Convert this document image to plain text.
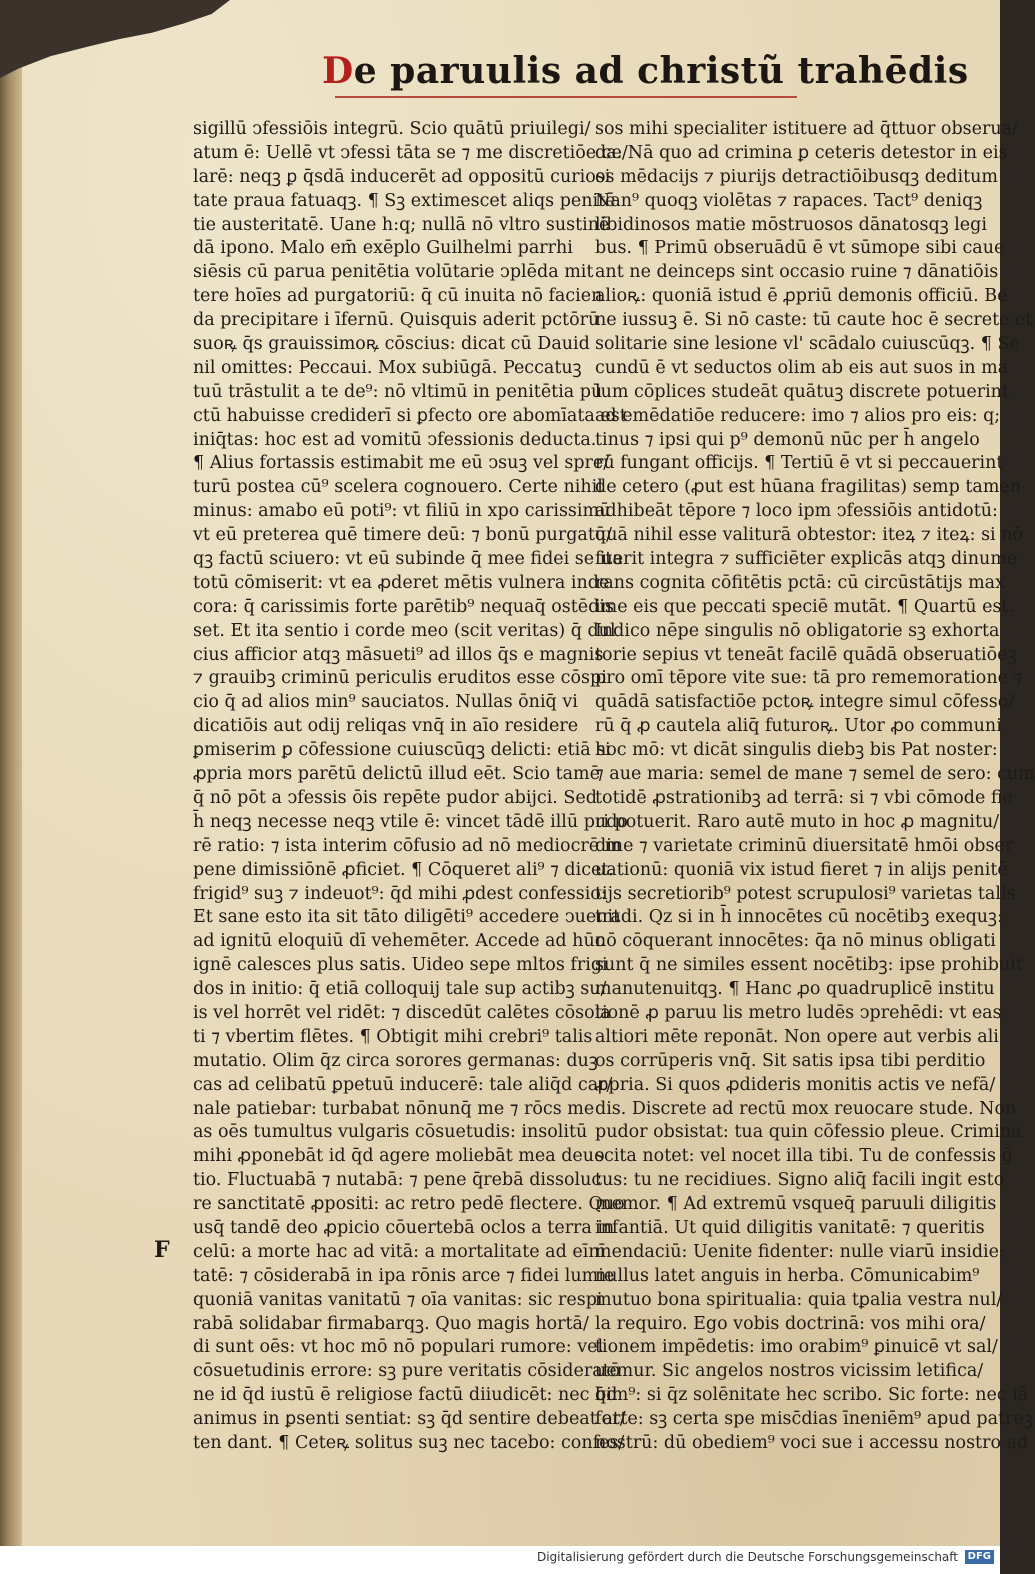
De paruulis ad christũ trahēdis
sigillū ↄfessiōis integrū. Scio quātū priuilegi/
atum ē: Uellē vt ↄfessi tāta se ⁊ me discretiōe ce/
larē: neqꝫ ꝑ q̄sdā inducerēt ad oppositū curiosi
tate praua fatuaqꝫ. ¶ Sꝫ extimescet aliqs penitē
tie austeritatē. Uane h:q; nullā nō vltro sustinē
dā ipono. Malo em̄ exēplo Guilhelmi parrhi
siēsis cū parua penitētia volūtarie ↄplēda mit
tere hoīes ad purgatoriū: q̄ cū inuita nō facien
da precipitare i īfernū. Quisquis aderit pctōrū
suoꝶ q̄s grauissimoꝶ cōscius: dicat cū Dauid
nil omittes: Peccaui. Mox subiūgā. Peccatuꝫ
tuū trāstulit a te de⁹: nō vltimū in penitētia pū
ctū habuisse crediderī si ꝑfecto ore abomīata est
iniq̄tas: hoc est ad vomitū ↄfessionis deducta.
¶ Alius fortassis estimabit me eū ↄsuꝫ vel spre/
turū postea cū⁹ scelera cognouero. Certe nihil
minus: amabo eū poti⁹: vt filiū in xpo carissimū
vt eū preterea quē timere deū: ⁊ bonū purgatū/
qꝫ factū sciuero: vt eū subinde q̄ mee fidei se ita
totū cōmiserit: vt ea ꝓderet mētis vulnera inde
cora: q̄ carissimis forte parētib⁹ nequaq̄ ostēdis
set. Et ita sentio i corde meo (scit veritas) q̄ dul
cius afficior atqꝫ māsueti⁹ ad illos q̄s e magnis
⁊ grauibꝫ criminū periculis eruditos esse cōspi
cio q̄ ad alios min⁹ sauciatos. Nullas ōniq̄ vi
dicatiōis aut odij reliqas vnq̄ in aīo residere
ꝑmiserim ꝑ cōfessione cuiuscūqꝫ delicti: etiā si
ꝓpria mors parētū delictū illud eēt. Scio tamē
q̄ nō pōt a ↄfessis ōis repēte pudor abijci. Sed
h̄ neqꝫ necesse neqꝫ vtile ē: vincet tādē illū pudo
rē ratio: ⁊ ista interim cōfusio ad nō mediocrē m
pene dimissiōnē ꝓficiet. ¶ Cōqueret ali⁹ ⁊ dicet.
frigid⁹ suꝫ ⁊ indeuot⁹: q̄d mihi ꝓdest confessio:
Et sane esto ita sit tāto diligēti⁹ accedere ↄuenit
ad ignitū eloquiū dī vehemēter. Accede ad hūc
ignē calesces plus satis. Uideo sepe mltos frigi
dos in initio: q̄ etiā colloquij tale sup actibꝫ su/
is vel horrēt vel ridēt: ⁊ discedūt calētes cōsola
ti ⁊ vbertim flētes. ¶ Obtigit mihi crebri⁹ talis
mutatio. Olim q̄z circa sorores germanas: duꝫ
cas ad celibatū ꝑpetuū inducerē: tale aliq̄d car/
nale patiebar: turbabat nōnunq̄ me ⁊ rōcs me
as oēs tumultus vulgaris cōsuetudis: insolitū
mihi ꝓponebāt id q̄d agere moliebāt mea deuo
tio. Fluctuabā ⁊ nutabā: ⁊ pene q̄rebā dissoluc
re sanctitatē ꝓpositi: ac retro pedē flectere. Quo
usq̄ tandē deo ꝓpicio cōuertebā oclos a terra in
celū: a morte hac ad vitā: a mortalitate ad eīnī
tatē: ⁊ cōsiderabā in ipa rōnis arce ⁊ fidei lumie
quoniā vanitas vanitatū ⁊ oīa vanitas: sic respi
rabā solidabar firmabarqꝫ. Quo magis hortā/
di sunt oēs: vt hoc mō nō populari rumore: vel
cōsuetudinis errore: sꝫ pure veritatis cōsideratō
ne id q̄d iustū ē religiose factū diiudicēt: nec q̄d
animus in ꝑsenti sentiat: sꝫ q̄d sentire debeat at/
ten dant. ¶ Ceteꝶ solitus suꝫ nec tacebo: confes/
sos mihi specialiter istituere ad q̄ttuor obserua/
da. Nā quo ad crimina ꝑ ceteris detestor in eis
os mēdacijs ⁊ piurijs detractiōibusqꝫ deditum
Nan⁹ quoqꝫ violētas ⁊ rapaces. Tact⁹ deniqꝫ
libidinosos matie mōstruosos dānatosqꝫ legi
bus. ¶ Primū obseruādū ē vt sūmope sibi caue
ant ne deinceps sint occasio ruine ⁊ dānatiōis
alioꝶ: quoniā istud ē ꝓpriū demonis officiū. Be
ne iussuꝫ ē. Si nō caste: tū caute hoc ē secrete et
solitarie sine lesione vl' scādalo cuiuscūqꝫ. ¶ Se
cundū ē vt seductos olim ab eis aut suos in ma
lum cōplices studeāt quātuꝫ discrete potuerint
ad emēdatiōe reducere: imo ⁊ alios pro eis: q;
tinus ⁊ ipsi qui p⁹ demonū nūc per h̄ angelo
rū fungant officijs. ¶ Tertiū ē vt si peccauerint
de cetero (ꝓut est hūana fragilitas) semp tamen
adhibeāt tēpore ⁊ loco ipm ↄfessiōis antidotū:
quā nihil esse valiturā obtestor: iteꝝ ⁊ iteꝝ: si nō
fuerit integra ⁊ sufficiēter explicās atqꝫ dinume
rans cognita cōfitētis pctā: cū circūstātijs max
ime eis que peccati speciē mutāt. ¶ Quartū est.
Indico nēpe singulis nō obligatorie sꝫ exhorta
torie sepius vt teneāt facilē quādā obseruatiōeꝫ
pro omī tēpore vite sue: tā pro rememoratione ⁊
quādā satisfactiōe pctoꝶ integre simul cōfesso/
rū q̄ ꝓ cautela aliq̄ futuroꝶ. Utor ꝓo communi
hoc mō: vt dicāt singulis diebꝫ bis Pat noster:
⁊ aue maria: semel de mane ⁊ semel de sero: cum
totidē ꝓstrationibꝫ ad terrā: si ⁊ vbi cōmode fie
ri potuerit. Raro autē muto in hoc ꝓ magnitu/
dine ⁊ varietate criminū diuersitatē hmōi obser
uationū: quoniā vix istud fieret ⁊ in alijs penitē
tijs secretiorib⁹ potest scrupulosi⁹ varietas talis
tradi. Qz si in h̄ innocētes cū nocētibꝫ exequꝫ:
nō cōquerant innocētes: q̄a nō minus obligati
sunt q̄ ne similes essent nocētibꝫ: ipse prohibuit
manutenuitqꝫ. ¶ Hanc ꝓo quadruplicē institu
tionē ꝓ paruu lis metro ludēs ↄprehēdi: vt eas
altiori mēte reponāt. Non opere aut verbis ali
os corrūperis vnq̄. Sit satis ipsa tibi perditio
ꝓpria. Si quos ꝓdideris monitis actis ve nefā/
dis. Discrete ad rectū mox reuocare stude. Non
pudor obsistat: tua quin cōfessio pleue. Crimina
scita notet: vel nocet illa tibi. Tu de confessis ḡ
tus: tu ne recidiues. Signo aliq̄ facili ingit esto
memor. ¶ Ad extremū vsqueq̄ paruuli diligitis
infantiā. Ut quid diligitis vanitatē: ⁊ queritis
mendaciū: Uenite fidenter: nulle viarū insidie:
nullus latet anguis in herba. Cōmunicabim⁹
mutuo bona spiritualia: quia tꝑalia vestra nul/
la requiro. Ego vobis doctrinā: vos mihi ora/
tionem impēdetis: imo orabim⁹ ꝑinuicē vt sal/
uemur. Sic angelos nostros vicissim letifica/
bim⁹: si q̄z solēnitate hec scribo. Sic forte: nec iā
forte: sꝫ certa spe misc̄dias īneniēm⁹ apud patreꝫ
nostrū: dū obediem⁹ voci sue i accessu nostro ad
F
Digitalisierung gefördert durch die Deutsche Forschungsgemeinschaft DFG
